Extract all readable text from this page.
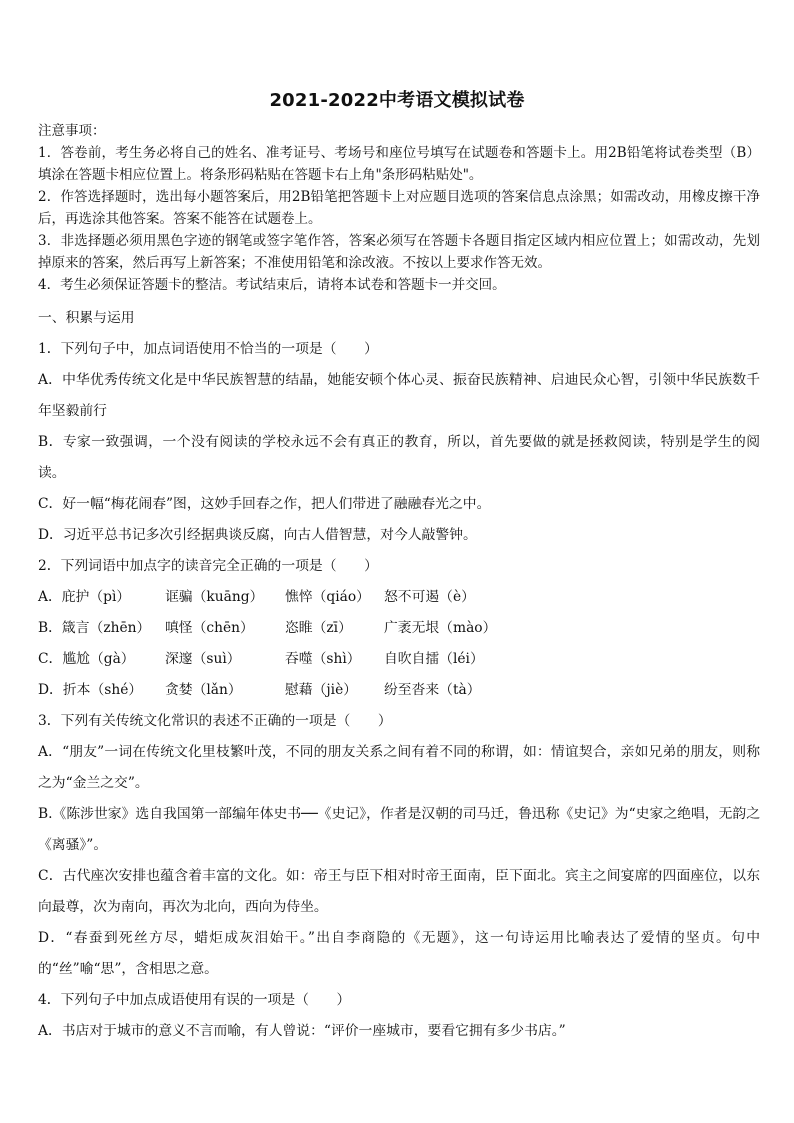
2021-2022中考语文模拟试卷

注意事项：

1．答卷前，考生务必将自己的姓名、准考证号、考场号和座位号填写在试题卷和答题卡上。用2B铅笔将试卷类型（B）填涂在答题卡相应位置上。将条形码粘贴在答题卡右上角"条形码粘贴处"。

2．作答选择题时，选出每小题答案后，用2B铅笔把答题卡上对应题目选项的答案信息点涂黑；如需改动，用橡皮擦干净后，再选涂其他答案。答案不能答在试题卷上。

3．非选择题必须用黑色字迹的钢笔或签字笔作答，答案必须写在答题卡各题目指定区域内相应位置上；如需改动，先划掉原来的答案，然后再写上新答案；不准使用铅笔和涂改液。不按以上要求作答无效。

4．考生必须保证答题卡的整洁。考试结束后，请将本试卷和答题卡一并交回。

一、积累与运用

1．下列句子中，加点词语使用不恰当的一项是（　　）

A．中华优秀传统文化是中华民族智慧的结晶，她能安顿个体心灵、振奋民族精神、启迪民众心智，引领中华民族数千年坚毅前行

B．专家一致强调，一个没有阅读的学校永远不会有真正的教育，所以，首先要做的就是拯救阅读，特别是学生的阅读。

C．好一幅“梅花闹春”图，这妙手回春之作，把人们带进了融融春光之中。

D．习近平总书记多次引经据典谈反腐，向古人借智慧，对今人敲警钟。

2．下列词语中加点字的读音完全正确的一项是（　　）

A．庇护（pì）	诓骗（kuāng）	憔悴（qiáo）	怒不可遏（è）
B．箴言（zhēn）	嗔怪（chēn）	恣睢（zī）	广袤无垠（mào）
C．尴尬（gà）	深邃（suì）	吞噬（shì）	自吹自擂（léi）
D．折本（shé）	贪婪（lǎn）	慰藉（jiè）	纷至沓来（tà）

3．下列有关传统文化常识的表述不正确的一项是（　　）

A．“朋友”一词在传统文化里枝繁叶茂，不同的朋友关系之间有着不同的称谓，如：情谊契合，亲如兄弟的朋友，则称之为“金兰之交”。

B.《陈涉世家》选自我国第一部编年体史书──《史记》，作者是汉朝的司马迁，鲁迅称《史记》为“史家之绝唱，无韵之《离骚》”。

C．古代座次安排也蕴含着丰富的文化。如：帝王与臣下相对时帝王面南，臣下面北。宾主之间宴席的四面座位，以东向最尊，次为南向，再次为北向，西向为侍坐。

D．“春蚕到死丝方尽，蜡炬成灰泪始干。”出自李商隐的《无题》，这一句诗运用比喻表达了爱情的坚贞。句中的“丝”喻“思”，含相思之意。

4．下列句子中加点成语使用有误的一项是（　　）

A．书店对于城市的意义不言而喻，有人曾说：“评价一座城市，要看它拥有多少书店。”
